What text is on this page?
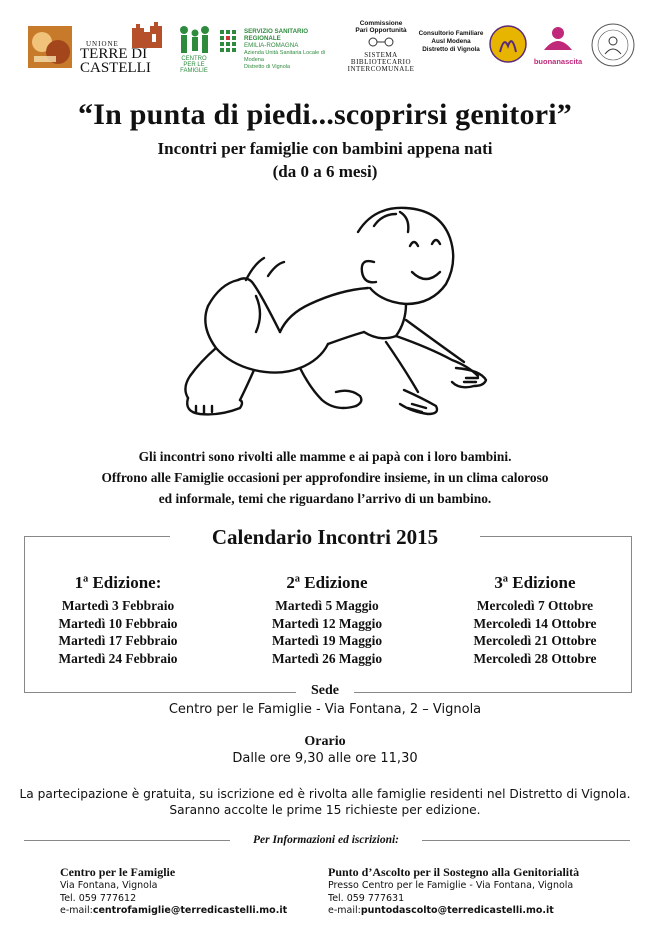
UNIONE
TERRE DI
CASTELLI
CENTRO PER LE FAMIGLIE
SERVIZIO SANITARIO REGIONALE
EMILIA-ROMAGNA
Azienda Unità Sanitaria Locale di Modena
Distretto di Vignola
Commissione
Pari Opportunità
SISTEMA
BIBLIOTECARIO
INTERCOMUNALE
Consultorio Familiare
Ausl Modena
Distretto di Vignola
buonanascita
“In punta di piedi...scoprirsi genitori”
Incontri per famiglie con bambini appena nati
(da 0 a 6 mesi)
Gli incontri sono rivolti alle mamme e ai papà con i loro bambini.
Offrono alle Famiglie occasioni per approfondire insieme, in un clima caloroso
ed informale, temi che riguardano l’arrivo di un bambino.
Calendario Incontri 2015
1ª Edizione:
Martedì 3 Febbraio
Martedì 10 Febbraio
Martedì 17 Febbraio
Martedì 24 Febbraio
2ª Edizione
Martedì 5 Maggio
Martedì 12 Maggio
Martedì 19 Maggio
Martedì 26 Maggio
3ª Edizione
Mercoledì 7 Ottobre
Mercoledì 14 Ottobre
Mercoledì 21 Ottobre
Mercoledì 28 Ottobre
Sede
Centro per le Famiglie - Via Fontana, 2 – Vignola
Orario
Dalle ore 9,30 alle ore 11,30
La partecipazione è gratuita, su iscrizione ed è rivolta alle famiglie residenti nel Distretto di Vignola.
Saranno accolte le prime 15 richieste per edizione.
Per Informazioni ed iscrizioni:
Centro per le Famiglie
Via Fontana, Vignola
Tel. 059 777612
e-mail:centrofamiglie@terredicastelli.mo.it
Punto d’Ascolto per il Sostegno alla Genitorialità
Presso Centro per le Famiglie - Via Fontana, Vignola
Tel. 059 777631
e-mail:puntodascolto@terredicastelli.mo.it
